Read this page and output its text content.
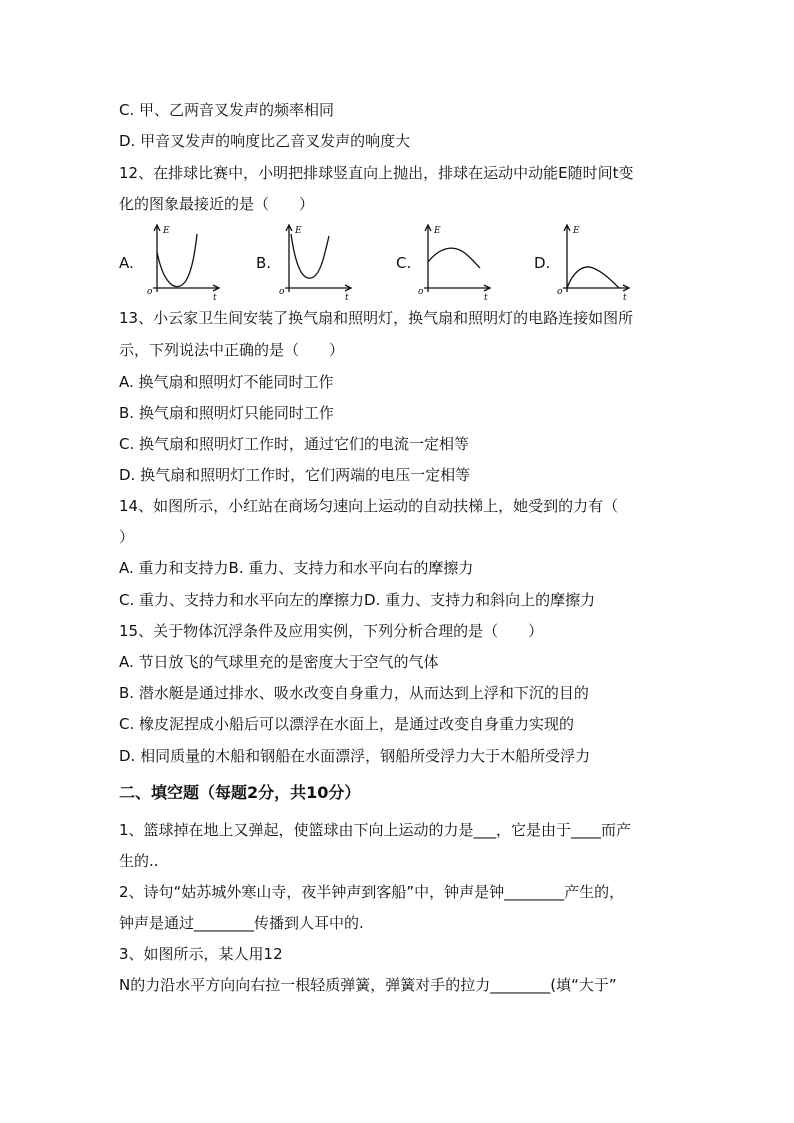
C. 甲、乙两音叉发声的频率相同
D. 甲音叉发声的响度比乙音叉发声的响度大
12、在排球比赛中，小明把排球竖直向上抛出，排球在运动中动能E随时间t变
化的图象最接近的是（　　）
A.
E
o
t
B.
E
o
t
C.
E
o
t
D.
E
o
t
13、小云家卫生间安装了换气扇和照明灯，换气扇和照明灯的电路连接如图所
示，下列说法中正确的是（　　）
A. 换气扇和照明灯不能同时工作
B. 换气扇和照明灯只能同时工作
C. 换气扇和照明灯工作时，通过它们的电流一定相等
D. 换气扇和照明灯工作时，它们两端的电压一定相等
14、如图所示，小红站在商场匀速向上运动的自动扶梯上，她受到的力有（
）
A. 重力和支持力B. 重力、支持力和水平向右的摩擦力
C. 重力、支持力和水平向左的摩擦力D. 重力、支持力和斜向上的摩擦力
15、关于物体沉浮条件及应用实例，下列分析合理的是（　　）
A. 节日放飞的气球里充的是密度大于空气的气体
B. 潜水艇是通过排水、吸水改变自身重力，从而达到上浮和下沉的目的
C. 橡皮泥捏成小船后可以漂浮在水面上，是通过改变自身重力实现的
D. 相同质量的木船和钢船在水面漂浮，钢船所受浮力大于木船所受浮力
二、填空题（每题2分，共10分）
1、篮球掉在地上又弹起，使篮球由下向上运动的力是___，它是由于____而产
生的..
2、诗句“姑苏城外寒山寺，夜半钟声到客船”中，钟声是钟________产生的，
钟声是通过________传播到人耳中的.
3、如图所示，某人用12
N的力沿水平方向向右拉一根轻质弹簧，弹簧对手的拉力________(填“大于”
